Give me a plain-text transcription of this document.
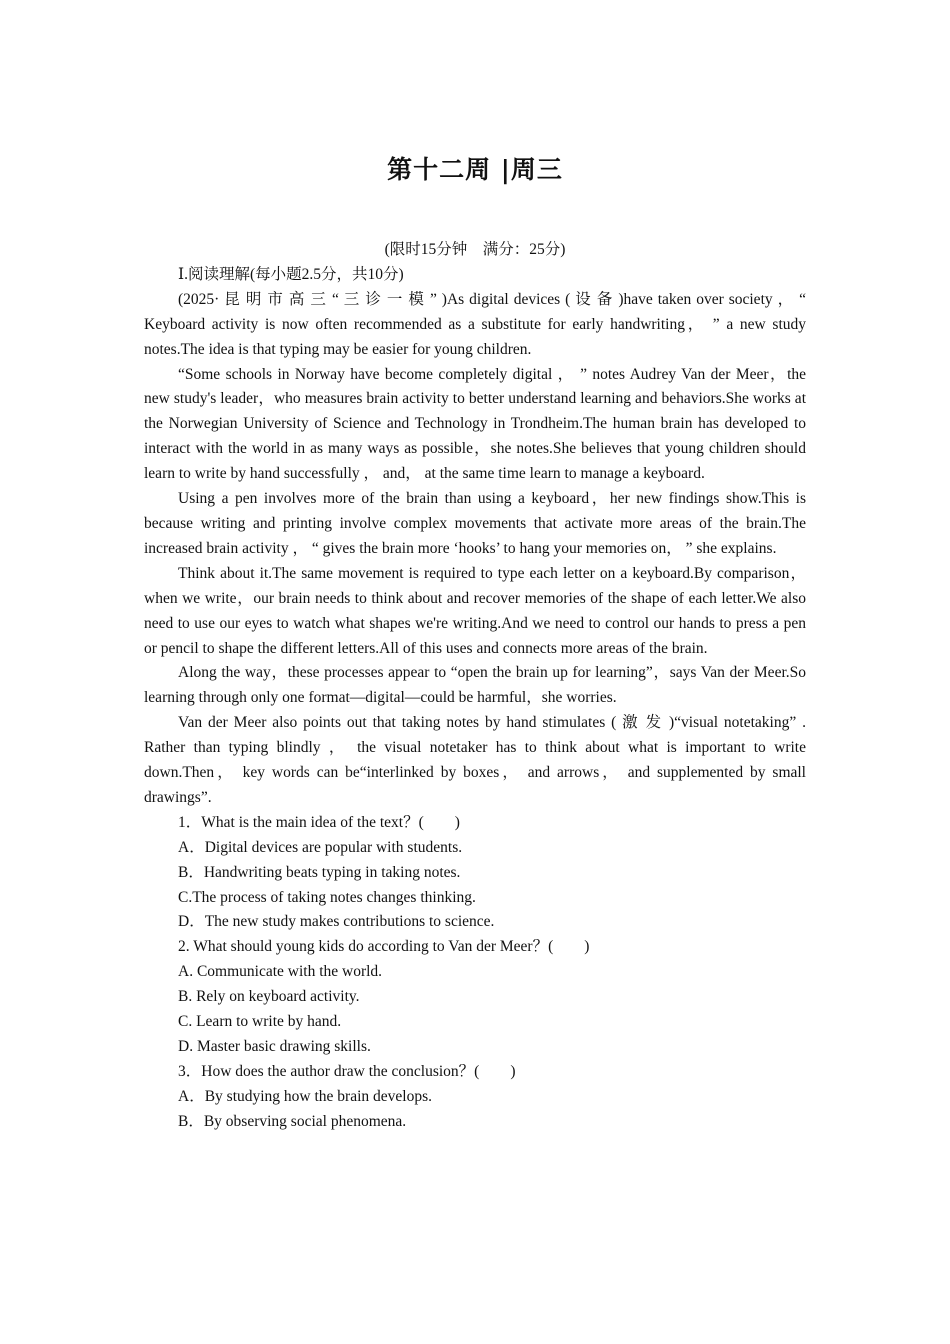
第十二周 |周三

(限时15分钟　满分：25分)

Ⅰ.阅读理解(每小题2.5分，共10分)

(2025· 昆 明 市 高 三 “ 三 诊 一 模 ” )As digital devices ( 设 备 )have taken over society ， “ Keyboard activity is now often recommended as a substitute for early handwriting， ” a new study notes.The idea is that typing may be easier for young children.

“Some schools in Norway have become completely digital ， ” notes Audrey Van der Meer，the new study's leader，who measures brain activity to better understand learning and behaviors.She works at the Norwegian University of Science and Technology in Trondheim.The human brain has developed to interact with the world in as many ways as possible，she notes.She believes that young children should learn to write by hand successfully ， and， at the same time learn to manage a keyboard.

Using a pen involves more of the brain than using a keyboard，her new findings show.This is because writing and printing involve complex movements that activate more areas of the brain.The increased brain activity ， “ gives the brain more ‘hooks’ to hang your memories on， ” she explains.

Think about it.The same movement is required to type each letter on a keyboard.By comparison，when we write，our brain needs to think about and recover memories of the shape of each letter.We also need to use our eyes to watch what shapes we're writing.And we need to control our hands to press a pen or pencil to shape the different letters.All of this uses and connects more areas of the brain.

Along the way，these processes appear to “open the brain up for learning”，says Van der Meer.So learning through only one format—digital—could be harmful，she worries.

Van der Meer also points out that taking notes by hand stimulates ( 激 发 )“visual notetaking” . Rather than typing blindly ， the visual notetaker has to think about what is important to write down.Then， key words can be“interlinked by boxes， and arrows， and supplemented by small drawings”.

1．What is the main idea of the text？(　　)

A．Digital devices are popular with students.

B．Handwriting beats typing in taking notes.

C.The process of taking notes changes thinking.

D．The new study makes contributions to science.

2. What should young kids do according to Van der Meer？(　　)

A. Communicate with the world.

B. Rely on keyboard activity.

C. Learn to write by hand.

D. Master basic drawing skills.

3．How does the author draw the conclusion？(　　)

A．By studying how the brain develops.

B．By observing social phenomena.
